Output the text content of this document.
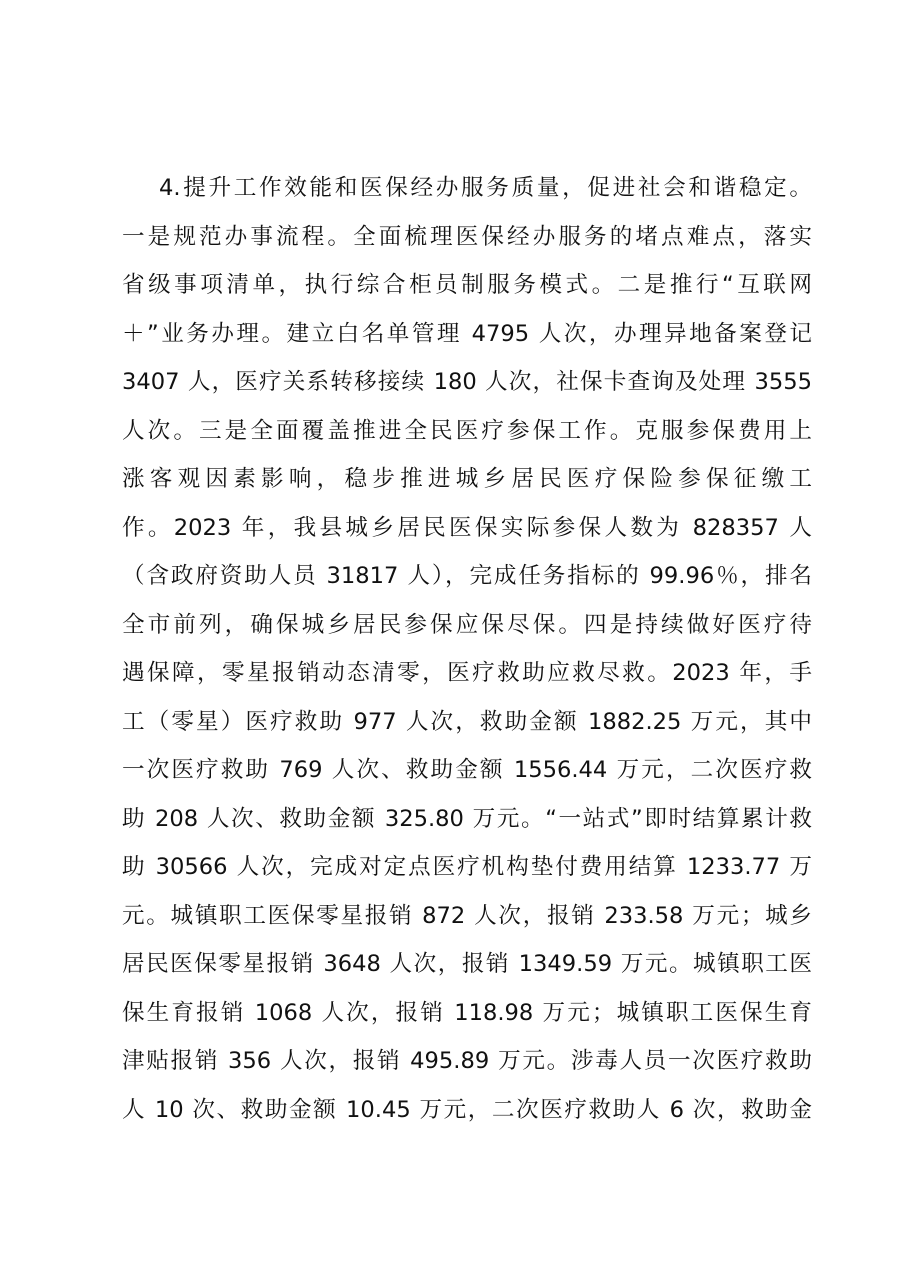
4.提升工作效能和医保经办服务质量，促进社会和谐稳定。
一是规范办事流程。全面梳理医保经办服务的堵点难点，落实
省级事项清单，执行综合柜员制服务模式。二是推行“互联网
＋”业务办理。建立白名单管理 4795 人次，办理异地备案登记
3407 人，医疗关系转移接续 180 人次，社保卡查询及处理 3555
人次。三是全面覆盖推进全民医疗参保工作。克服参保费用上
涨客观因素影响，稳步推进城乡居民医疗保险参保征缴工
作。2023 年，我县城乡居民医保实际参保人数为 828357 人
（含政府资助人员 31817 人），完成任务指标的 99.96％，排名
全市前列，确保城乡居民参保应保尽保。四是持续做好医疗待
遇保障，零星报销动态清零，医疗救助应救尽救。2023 年，手
工（零星）医疗救助 977 人次，救助金额 1882.25 万元，其中
一次医疗救助 769 人次、救助金额 1556.44 万元，二次医疗救
助 208 人次、救助金额 325.80 万元。“一站式”即时结算累计救
助 30566 人次，完成对定点医疗机构垫付费用结算 1233.77 万
元。城镇职工医保零星报销 872 人次，报销 233.58 万元；城乡
居民医保零星报销 3648 人次，报销 1349.59 万元。城镇职工医
保生育报销 1068 人次，报销 118.98 万元；城镇职工医保生育
津贴报销 356 人次，报销 495.89 万元。涉毒人员一次医疗救助
人 10 次、救助金额 10.45 万元，二次医疗救助人 6 次，救助金
